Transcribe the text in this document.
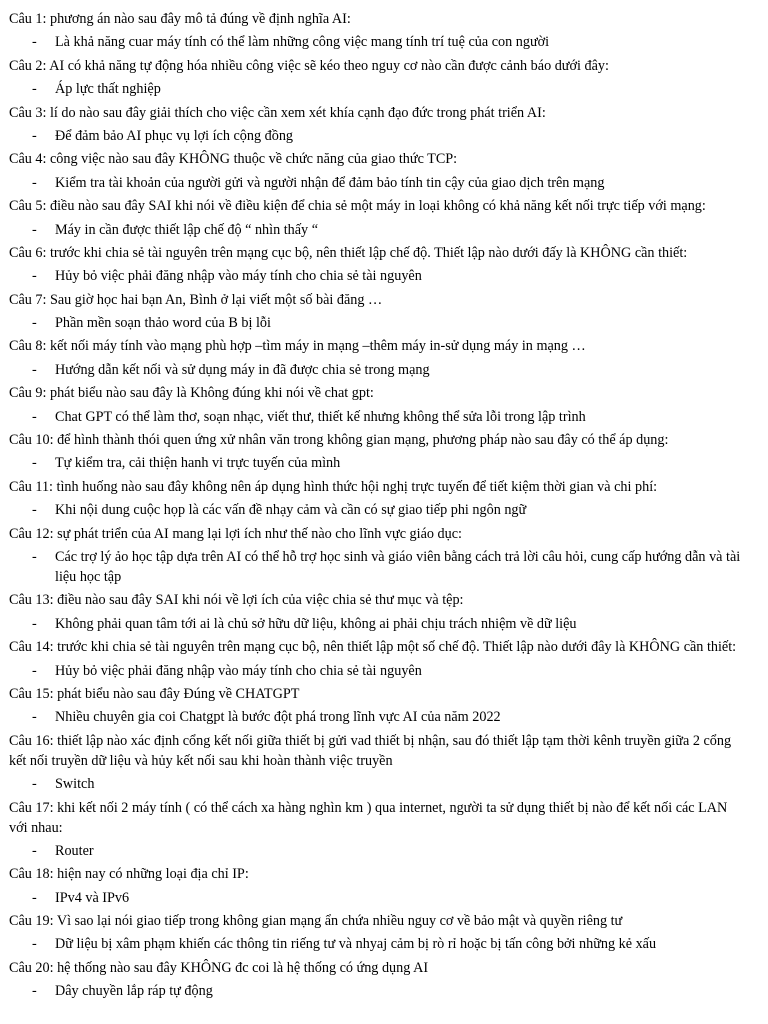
Câu 1: phương án nào sau đây mô tả đúng về định nghĩa AI:
- Là khả năng cuar máy tính có thể làm những công việc mang tính trí tuệ của con người
Câu 2: AI có khả năng tự động hóa nhiều công việc sẽ kéo theo nguy cơ nào cần được cảnh báo dưới đây:
- Áp lực thất nghiệp
Câu 3: lí do nào sau đây giải thích cho việc cần xem xét khía cạnh đạo đức trong phát triển AI:
- Để đảm bảo AI phục vụ lợi ích cộng đồng
Câu 4: công việc nào sau đây KHÔNG thuộc về chức năng của giao thức TCP:
- Kiểm tra tài khoản của người gửi và người nhận để đảm bảo tính tin cậy của giao dịch trên mạng
Câu 5: điều nào sau đây SAI khi nói về điều kiện để chia sẻ một máy in loại không có khả năng kết nối trực tiếp với mạng:
- Máy in cần được thiết lập chế độ “ nhìn thấy “
Câu 6: trước khi chia sẻ tài nguyên trên mạng cục bộ, nên thiết lập chế độ. Thiết lập nào dưới đấy là KHÔNG cần thiết:
- Hủy bỏ việc phải đăng nhập vào máy tính cho chia sẻ tài nguyên
Câu 7: Sau giờ học hai bạn An, Bình ở lại viết một số bài đăng …
- Phần mền soạn thảo word của B bị lỗi
Câu 8: kết nối máy tính vào mạng phù hợp –tìm máy in mạng –thêm máy in-sử dụng máy in mạng …
- Hướng dẫn kết nối và sử dụng máy in đã được chia sẻ trong mạng
Câu 9: phát biểu nào sau đây là Không đúng khi nói về chat gpt:
- Chat GPT có thể làm thơ, soạn nhạc, viết thư, thiết kế nhưng không thể sửa lỗi trong lập trình
Câu 10: để hình thành thói quen ứng xử nhân văn trong không gian mạng, phương pháp nào sau đây có thể áp dụng:
- Tự kiểm tra, cải thiện hanh vi trực tuyến của mình
Câu 11: tình huống nào sau đây không nên áp dụng hình thức hội nghị trực tuyến để tiết kiệm thời gian và chi phí:
- Khi nội dung cuộc họp là các vấn đề nhạy cảm và cần có sự giao tiếp phi ngôn ngữ
Câu 12: sự phát triển của AI mang lại lợi ích như thế nào cho lĩnh vực giáo dục:
- Các trợ lý ảo học tập dựa trên AI có thể hỗ trợ học sinh và giáo viên bằng cách trả lời câu hỏi, cung cấp hướng dẫn và tài liệu học tập
Câu 13: điều nào sau đây SAI khi nói về lợi ích của việc chia sẻ thư mục và tệp:
- Không phải quan tâm tới ai là chủ sở hữu dữ liệu, không ai phải chịu trách nhiệm về dữ liệu
Câu 14: trước khi chia sẻ tài nguyên trên mạng cục bộ, nên thiết lập một số chế độ. Thiết lập nào dưới đây là KHÔNG cần thiết:
- Hủy bỏ việc phải đăng nhập vào máy tính cho chia sẻ tài nguyên
Câu 15: phát biểu nào sau đây Đúng về CHATGPT
- Nhiều chuyên gia coi Chatgpt là bước đột phá trong lĩnh vực AI của năm 2022
Câu 16: thiết lập nào xác định cổng kết nối giữa thiết bị gửi vad thiết bị nhận, sau đó thiết lập tạm thời kênh truyền giữa 2 cổng kết nối truyền dữ liệu và hủy kết nối sau khi hoàn thành việc truyền
- Switch
Câu 17: khi kết nối 2 máy tính ( có thể cách xa hàng nghìn km ) qua internet, người ta sử dụng thiết bị nào để kết nối các LAN với nhau:
- Router
Câu 18: hiện nay có những loại địa chỉ IP:
- IPv4 và IPv6
Câu 19: Vì sao lại nói giao tiếp trong không gian mạng ẩn chứa nhiều nguy cơ về bảo mật và quyền riêng tư
- Dữ liệu bị xâm phạm khiến các thông tin riếng tư và nhyaj cảm bị rò rỉ hoặc bị tấn công bởi những kẻ xấu
Câu 20: hệ thống nào sau đây KHÔNG đc coi là hệ thống có ứng dụng AI
- Dây chuyền lắp ráp tự động
